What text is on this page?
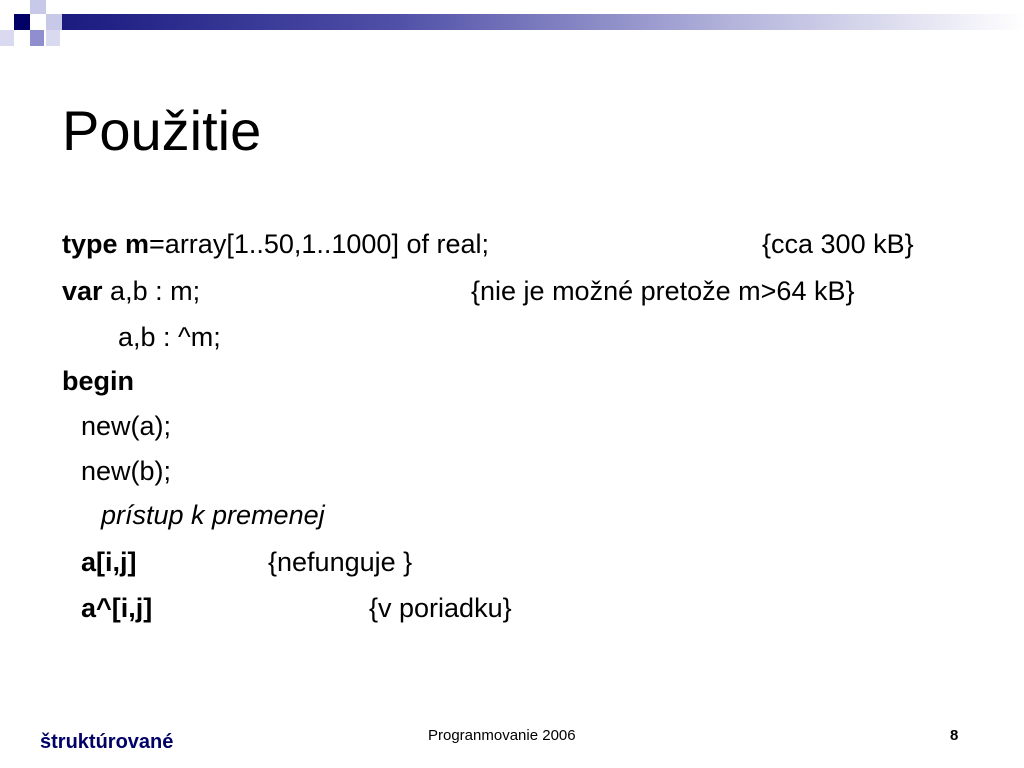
Použitie
type m=array[1..50,1..1000] of real;	{cca 300 kB}
var a,b : m;	{nie je možné pretože m>64 kB}
a,b : ^m;
begin
new(a);
new(b);
prístup k premenej
a[i,j]	{nefunguje }
a^[i,j]	{v poriadku}
štruktúrované	Progranmovanie 2006	8
